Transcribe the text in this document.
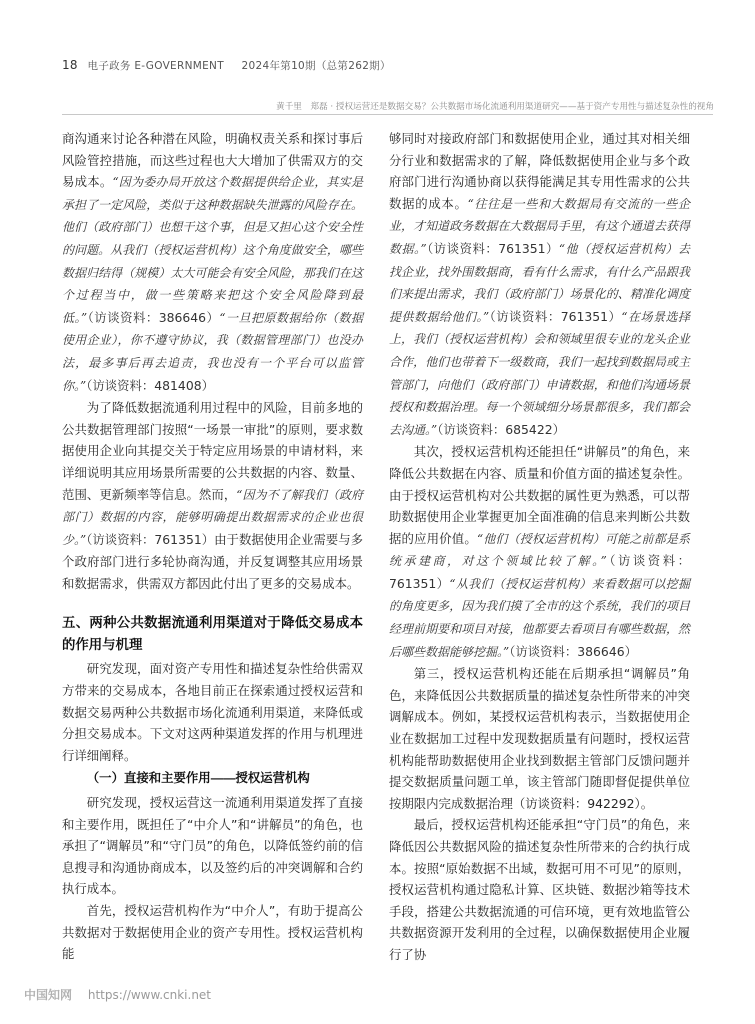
18 电子政务 E-GOVERNMENT 2024年第10期（总第262期）
黄千里　郑磊 · 授权运营还是数据交易？公共数据市场化流通利用渠道研究——基于资产专用性与描述复杂性的视角

商沟通来讨论各种潜在风险，明确权责关系和探讨事后风险管控措施，而这些过程也大大增加了供需双方的交易成本。“因为委办局开放这个数据提供给企业，其实是承担了一定风险，类似于这种数据缺失泄露的风险存在。他们（政府部门）也想干这个事，但是又担心这个安全性的问题。从我们（授权运营机构）这个角度做安全，哪些数据归结得（规模）太大可能会有安全风险，那我们在这个过程当中，做一些策略来把这个安全风险降到最低。”（访谈资料：386646）“一旦把原数据给你（数据使用企业），你不遵守协议，我（数据管理部门）也没办法，最多事后再去追责，我也没有一个平台可以监管你。”（访谈资料：481408）

为了降低数据流通利用过程中的风险，目前多地的公共数据管理部门按照“一场景一审批”的原则，要求数据使用企业向其提交关于特定应用场景的申请材料，来详细说明其应用场景所需要的公共数据的内容、数量、范围、更新频率等信息。然而，“因为不了解我们（政府部门）数据的内容，能够明确提出数据需求的企业也很少。”（访谈资料：761351）由于数据使用企业需要与多个政府部门进行多轮协商沟通，并反复调整其应用场景和数据需求，供需双方都因此付出了更多的交易成本。

五、两种公共数据流通利用渠道对于降低交易成本的作用与机理

研究发现，面对资产专用性和描述复杂性给供需双方带来的交易成本，各地目前正在探索通过授权运营和数据交易两种公共数据市场化流通利用渠道，来降低或分担交易成本。下文对这两种渠道发挥的作用与机理进行详细阐释。

（一）直接和主要作用——授权运营机构

研究发现，授权运营这一流通利用渠道发挥了直接和主要作用，既担任了“中介人”和“讲解员”的角色，也承担了“调解员”和“守门员”的角色，以降低签约前的信息搜寻和沟通协商成本，以及签约后的冲突调解和合约执行成本。

首先，授权运营机构作为“中介人”，有助于提高公共数据对于数据使用企业的资产专用性。授权运营机构能

够同时对接政府部门和数据使用企业，通过其对相关细分行业和数据需求的了解，降低数据使用企业与多个政府部门进行沟通协商以获得能满足其专用性需求的公共数据的成本。“往往是一些和大数据局有交流的一些企业，才知道政务数据在大数据局手里，有这个通道去获得数据。”（访谈资料：761351）“他（授权运营机构）去找企业，找外围数据商，看有什么需求，有什么产品跟我们来提出需求，我们（政府部门）场景化的、精准化调度提供数据给他们。”（访谈资料：761351）“在场景选择上，我们（授权运营机构）会和领域里很专业的龙头企业合作，他们也带着下一级数商，我们一起找到数据局或主管部门，向他们（政府部门）申请数据，和他们沟通场景授权和数据治理。每一个领域细分场景都很多，我们都会去沟通。”（访谈资料：685422）

其次，授权运营机构还能担任“讲解员”的角色，来降低公共数据在内容、质量和价值方面的描述复杂性。由于授权运营机构对公共数据的属性更为熟悉，可以帮助数据使用企业掌握更加全面准确的信息来判断公共数据的应用价值。“他们（授权运营机构）可能之前都是系统承建商，对这个领域比较了解。”（访谈资料：761351）“从我们（授权运营机构）来看数据可以挖掘的角度更多，因为我们摸了全市的这个系统，我们的项目经理前期要和项目对接，他都要去看项目有哪些数据，然后哪些数据能够挖掘。”（访谈资料：386646）

第三，授权运营机构还能在后期承担“调解员”角色，来降低因公共数据质量的描述复杂性所带来的冲突调解成本。例如，某授权运营机构表示，当数据使用企业在数据加工过程中发现数据质量有问题时，授权运营机构能帮助数据使用企业找到数据主管部门反馈问题并提交数据质量问题工单，该主管部门随即督促提供单位按期限内完成数据治理（访谈资料：942292）。

最后，授权运营机构还能承担“守门员”的角色，来降低因公共数据风险的描述复杂性所带来的合约执行成本。按照“原始数据不出域，数据可用不可见”的原则，授权运营机构通过隐私计算、区块链、数据沙箱等技术手段，搭建公共数据流通的可信环境，更有效地监管公共数据资源开发利用的全过程，以确保数据使用企业履行了协

中国知网 https://www.cnki.net
